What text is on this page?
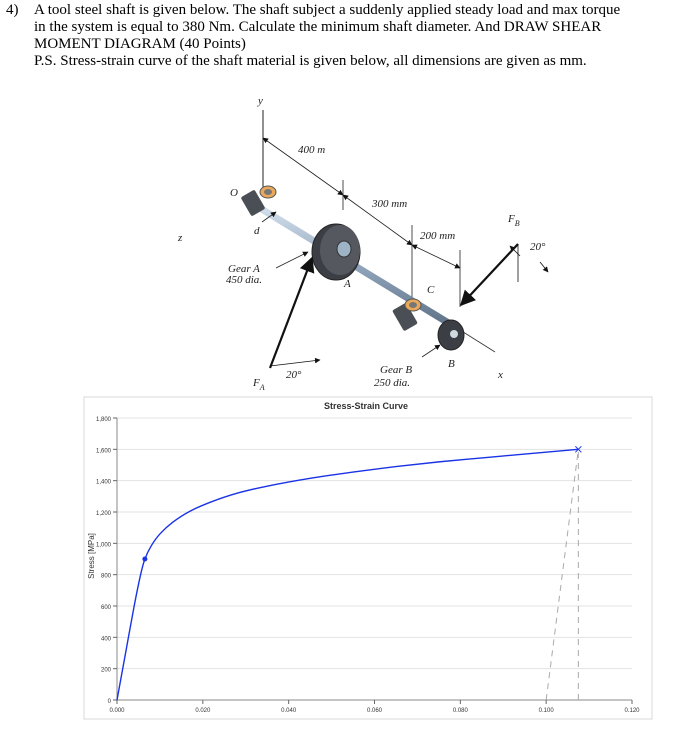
4) A tool steel shaft is given below. The shaft subject a suddenly applied steady load and max torque
in the system is equal to 380 Nm. Calculate the minimum shaft diameter. And DRAW SHEAR
MOMENT DIAGRAM (40 Points)
P.S. Stress-strain curve of the shaft material is given below, all dimensions are given as mm.
y
400 m
300 mm
200 mm
O
d
z
Gear A
450 dia.	A
20°
$F_A$
C
Gear B
250 dia.
B
x
20°
$F_B$
Stress-Strain Curve
Stress [MPa]
0
200
400
600
800
1,000
1,200
1,400
1,600
1,800
0.000	0.020	0.040	0.060	0.080	0.100	0.120
